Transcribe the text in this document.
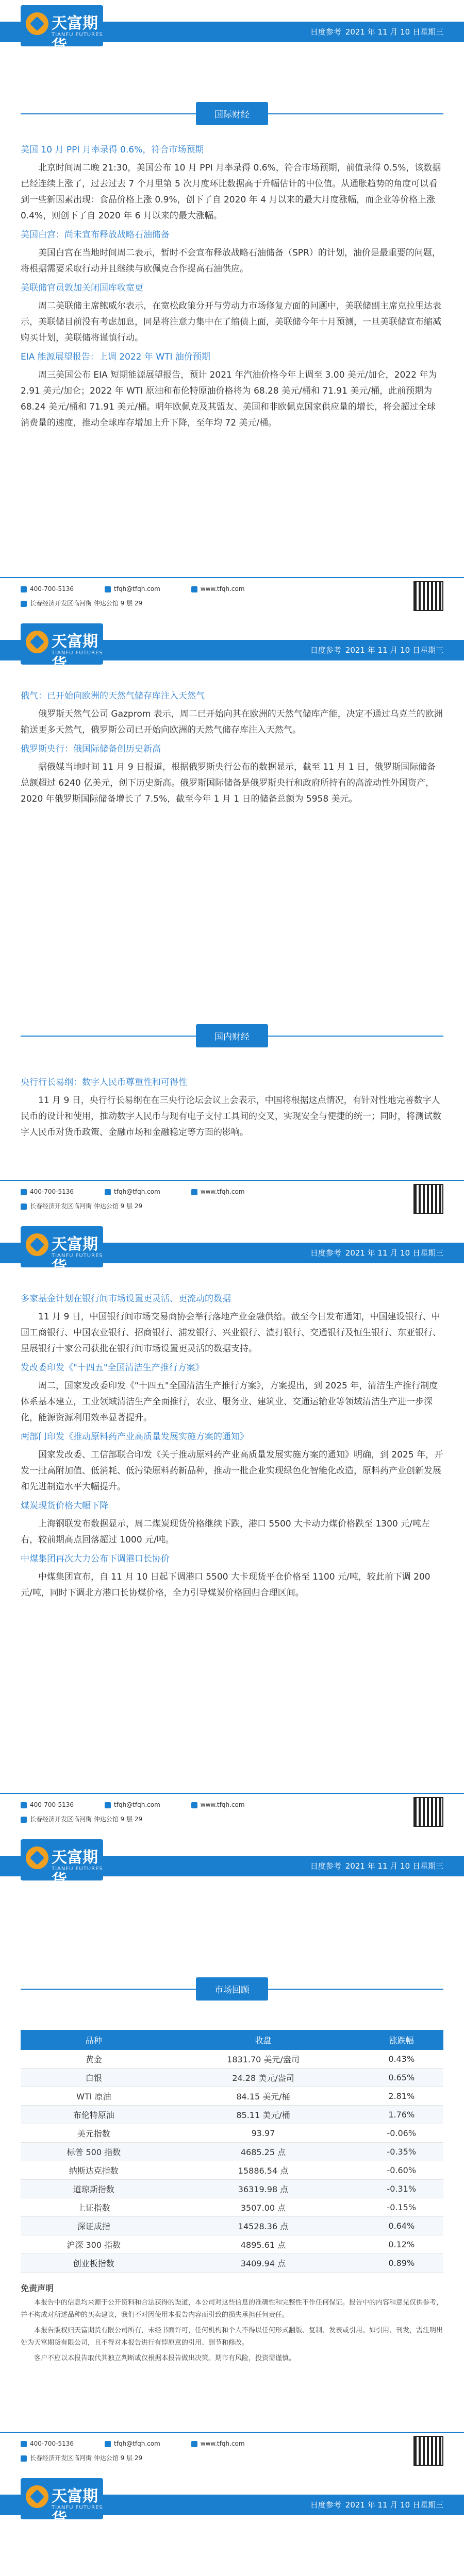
天富期货
TIANFU FUTURES	日度参考 2021 年 11 月 10 日星期三
国际财经
美国 10 月 PPI 月率录得 0.6%，符合市场预期

北京时间周二晚 21:30，美国公布 10 月 PPI 月率录得 0.6%，符合市场预期，前值录得 0.5%，该数据已经连续上涨了，过去过去 7 个月里第 5 次月度环比数据高于升幅估计的中位值。从通胀趋势的角度可以看到一些新因素出现：食品价格上涨 0.9%，创下了自 2020 年 4 月以来的最大月度涨幅，而企业等价格上涨 0.4%，则创下了自 2020 年 6 月以来的最大涨幅。

美国白宫：尚未宣布释放战略石油储备

美国白宫在当地时间周二表示，暂时不会宣布释放战略石油储备（SPR）的计划，油价是最重要的问题，将根据需要采取行动并且继续与欧佩克合作提高石油供应。

美联储官员敦加关闭国库收宽更

周二美联储主席鲍威尔表示，在宽松政策分开与劳动力市场修复方面的问题中，美联储副主席克拉里达表示，美联储目前没有考虑加息，同是将注意力集中在了缩债上面，美联储今年十月预测，一旦美联储宣布缩减购买计划，美联储将谨慎行动。

EIA 能源展望报告：上调 2022 年 WTI 油价预期

周三美国公布 EIA 短期能源展望报告，预计 2021 年汽油价格今年上调至 3.00 美元/加仑，2022 年为 2.91 美元/加仑；2022 年 WTI 原油和布伦特原油价格将为 68.28 美元/桶和 71.91 美元/桶，此前预期为 68.24 美元/桶和 71.91 美元/桶。明年欧佩克及其盟友、美国和非欧佩克国家供应量的增长，将会超过全球消费量的速度，推动全球库存增加上升下降，至年均 72 美元/桶。

400-700-5136	tfqh@tfqh.com	www.tfqh.com
长春经济开发区临河街 仲达公馆 9 层 29
天富期货
TIANFU FUTURES	日度参考 2021 年 11 月 10 日星期三
俄气：已开始向欧洲的天然气储存库注入天然气

俄罗斯天然气公司 Gazprom 表示，周二已开始向其在欧洲的天然气储库产能，决定不通过乌克兰的欧洲输送更多天然气，俄罗斯公司已开始向欧洲的天然气储存库注入天然气。

俄罗斯央行：俄国际储备创历史新高

据俄媒当地时间 11 月 9 日报道，根据俄罗斯央行公布的数据显示，截至 11 月 1 日，俄罗斯国际储备总额超过 6240 亿美元，创下历史新高。俄罗斯国际储备是俄罗斯央行和政府所持有的高流动性外国资产，2020 年俄罗斯国际储备增长了 7.5%，截至今年 1 月 1 日的储备总额为 5958 美元。

国内财经
央行行长易纲：数字人民币尊重性和可得性

11 月 9 日，央行行长易纲在在三央行论坛会议上会表示，中国将根据这点情况，有针对性地完善数字人民币的设计和使用，推动数字人民币与现有电子支付工具间的交叉，实现安全与便捷的统一；同时，将测试数字人民币对货币政策、金融市场和金融稳定等方面的影响。

400-700-5136	tfqh@tfqh.com	www.tfqh.com
长春经济开发区临河街 仲达公馆 9 层 29
天富期货
TIANFU FUTURES	日度参考 2021 年 11 月 10 日星期三
多家基金计划在银行间市场设置更灵活、更流动的数据

11 月 9 日，中国银行间市场交易商协会举行落地产业金融供给。截至今日发布通知，中国建设银行、中国工商银行、中国农业银行、招商银行、浦发银行、兴业银行、渣打银行、交通银行及恒生银行、东亚银行、星展银行十家公司获批在银行间市场设置更灵活的数据支持。

发改委印发《"十四五"全国清洁生产推行方案》

周二，国家发改委印发《"十四五"全国清洁生产推行方案》，方案提出，到 2025 年，清洁生产推行制度体系基本建立，工业领域清洁生产全面推行，农业、服务业、建筑业、交通运输业等领域清洁生产进一步深化，能源资源利用效率显著提升。

两部门印发《推动原料药产业高质量发展实施方案的通知》

国家发改委、工信部联合印发《关于推动原料药产业高质量发展实施方案的通知》明确，到 2025 年，开发一批高附加值、低消耗、低污染原料药新品种，推动一批企业实现绿色化智能化改造，原料药产业创新发展和先进制造水平大幅提升。

煤炭现货价格大幅下降

上海钢联发布数据显示，周二煤炭现货价格继续下跌，港口 5500 大卡动力煤价格跌至 1300 元/吨左右，较前期高点回落超过 1000 元/吨。

中煤集团再次大力公布下调港口长协价

中煤集团宣布，自 11 月 10 日起下调港口 5500 大卡现货平仓价格至 1100 元/吨，较此前下调 200 元/吨，同时下调北方港口长协煤价格，全力引导煤炭价格回归合理区间。

400-700-5136	tfqh@tfqh.com	www.tfqh.com
长春经济开发区临河街 仲达公馆 9 层 29
天富期货
TIANFU FUTURES	日度参考 2021 年 11 月 10 日星期三
市场回顾
品种	收盘	涨跌幅
黄金	1831.70 美元/盎司	0.43%
白银	24.28 美元/盎司	0.65%
WTI 原油	84.15 美元/桶	2.81%
布伦特原油	85.11 美元/桶	1.76%
美元指数	93.97	-0.06%
标普 500 指数	4685.25 点	-0.35%
纳斯达克指数	15886.54 点	-0.60%
道琼斯指数	36319.98 点	-0.31%
上证指数	3507.00 点	-0.15%
深证成指	14528.36 点	0.64%
沪深 300 指数	4895.61 点	0.12%
创业板指数	3409.94 点	0.89%
免责声明

本报告中的信息均来源于公开资料和合法获得的渠道，本公司对这些信息的准确性和完整性不作任何保证。报告中的内容和意见仅供参考，并不构成对所述品种的买卖建议，我们不对因使用本报告内容而引致的损失承担任何责任。

本报告版权归天富期货有限公司所有，未经书面许可，任何机构和个人不得以任何形式翻版、复制、发表或引用。如引用、刊发，需注明出处为天富期货有限公司，且不得对本报告进行有悖原意的引用、删节和修改。

客户不应以本报告取代其独立判断或仅根据本报告做出决策。期市有风险，投资需谨慎。

400-700-5136	tfqh@tfqh.com	www.tfqh.com
长春经济开发区临河街 仲达公馆 9 层 29
天富期货
TIANFU FUTURES	日度参考 2021 年 11 月 10 日星期三
